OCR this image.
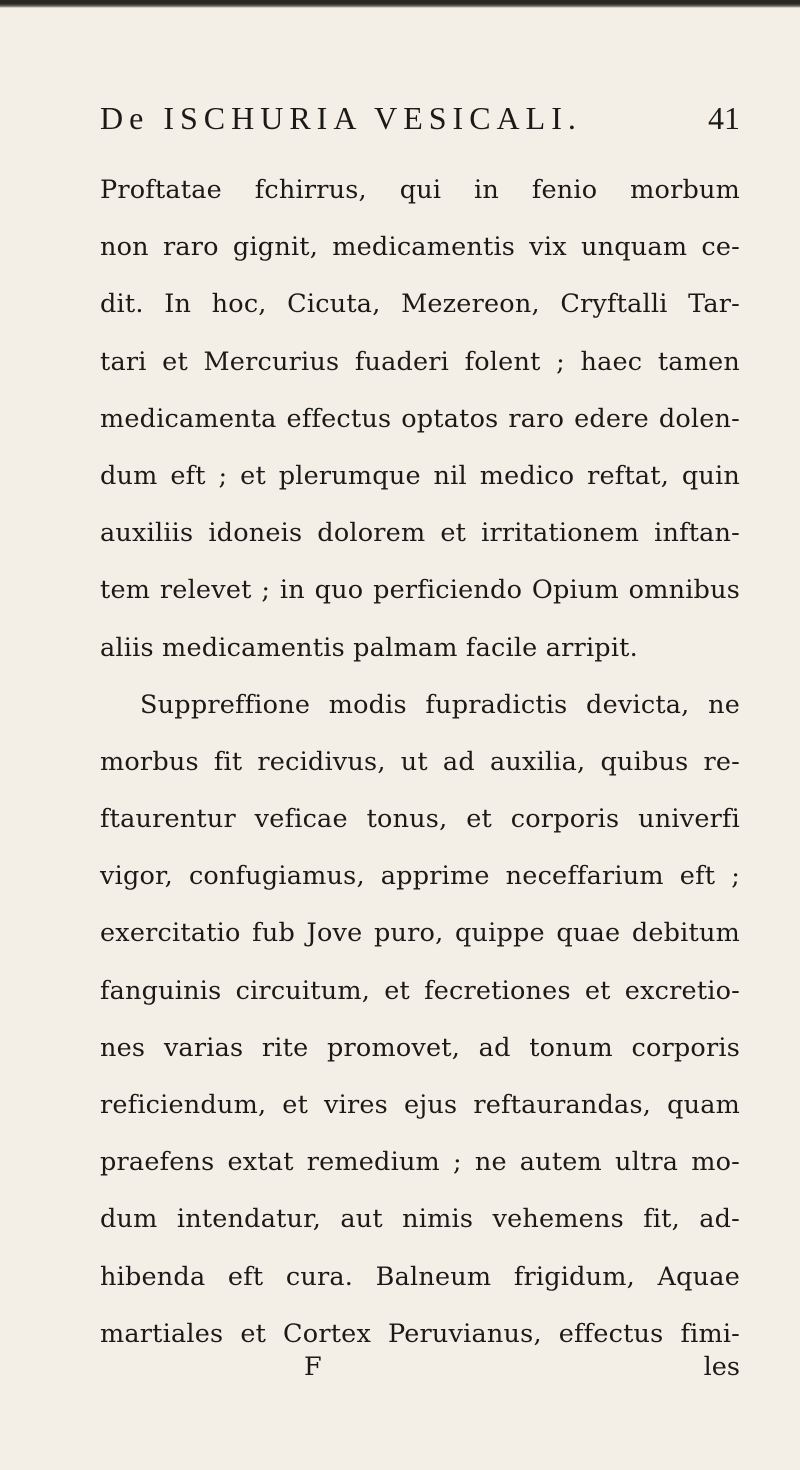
De ISCHURIA VESICALI.	41
Proftatae fchirrus, qui in fenio morbum
non raro gignit, medicamentis vix unquam ce-
dit. In hoc, Cicuta, Mezereon, Cryftalli Tar-
tari et Mercurius fuaderi folent ; haec tamen
medicamenta effectus optatos raro edere dolen-
dum eft ; et plerumque nil medico reftat, quin
auxiliis idoneis dolorem et irritationem inftan-
tem relevet ; in quo perficiendo Opium omnibus
aliis medicamentis palmam facile arripit.
Suppreffione modis fupradictis devicta, ne
morbus fit recidivus, ut ad auxilia, quibus re-
ftaurentur veficae tonus, et corporis univerfi
vigor, confugiamus, apprime neceffarium eft ;
exercitatio fub Jove puro, quippe quae debitum
fanguinis circuitum, et fecretiones et excretio-
nes varias rite promovet, ad tonum corporis
reficiendum, et vires ejus reftaurandas, quam
praefens extat remedium ; ne autem ultra mo-
dum intendatur, aut nimis vehemens fit, ad-
hibenda eft cura. Balneum frigidum, Aquae
martiales et Cortex Peruvianus, effectus fimi-
F	les
